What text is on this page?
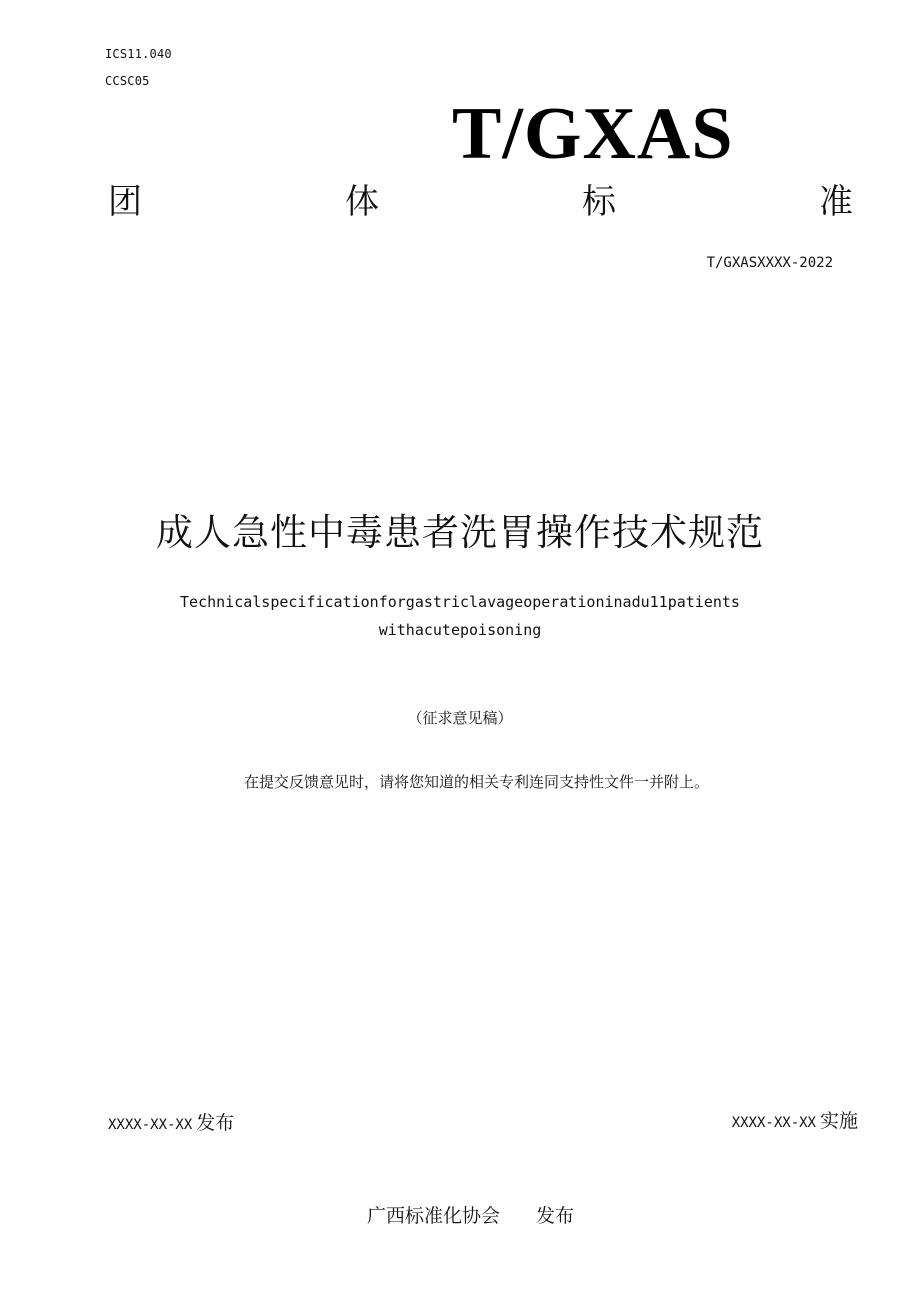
ICS11.040
CCSC05
T/GXAS
团	体	标	准
T/GXASXXXX-2022
成人急性中毒患者洗胃操作技术规范
Technicalspecificationforgastriclavageoperationinadu11patients
withacutepoisoning
（征求意见稿）
在提交反馈意见时，请将您知道的相关专利连同支持性文件一并附上。
XXXX-XX-XX 发布	XXXX-XX-XX 实施
广西标准化协会 发布
